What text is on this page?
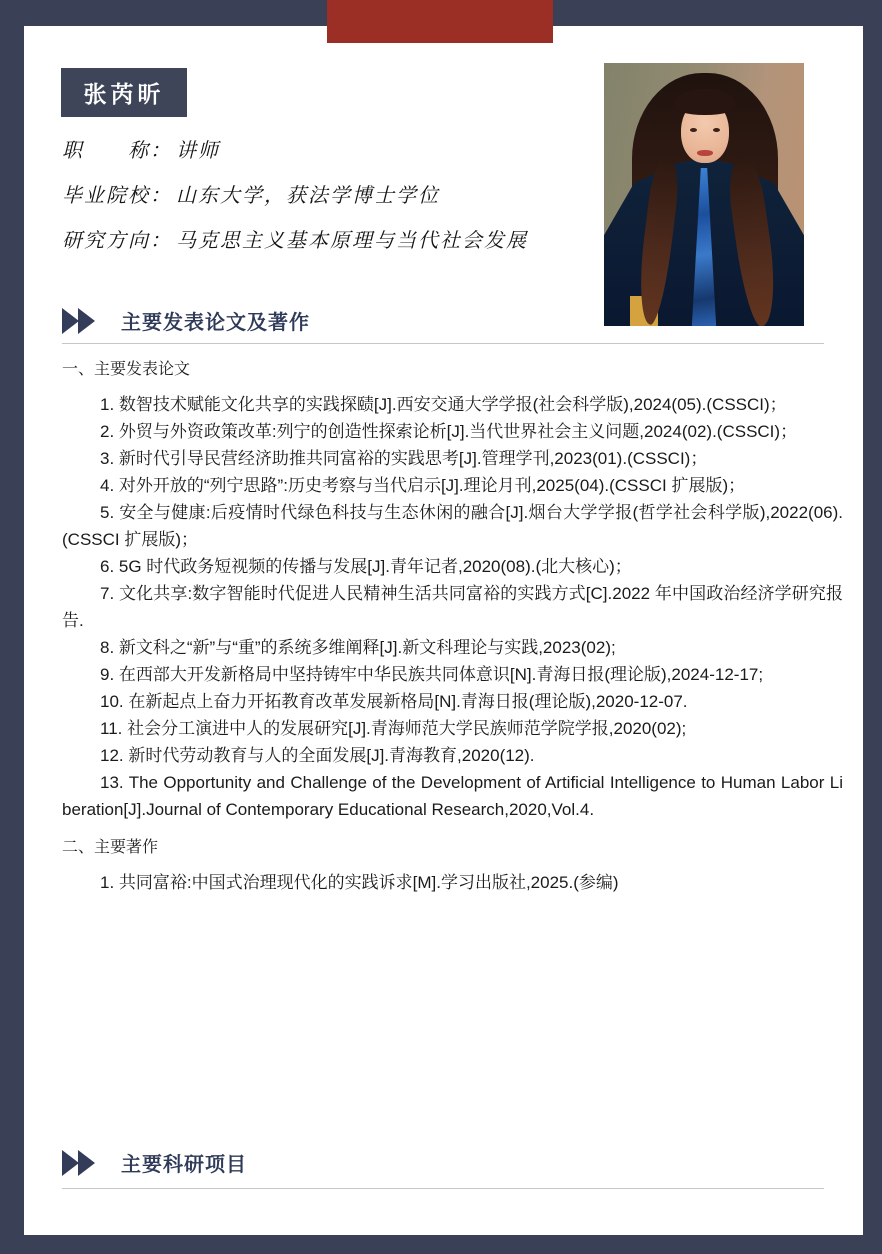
张芮昕
职　　称： 讲师
毕业院校： 山东大学，获法学博士学位
研究方向： 马克思主义基本原理与当代社会发展
主要发表论文及著作

一、主要发表论文

1. 数智技术赋能文化共享的实践探赜[J].西安交通大学学报(社会科学版),2024(05).(CSSCI)；

2. 外贸与外资政策改革:列宁的创造性探索论析[J].当代世界社会主义问题,2024(02).(CSSCI)；

3. 新时代引导民营经济助推共同富裕的实践思考[J].管理学刊,2023(01).(CSSCI)；

4. 对外开放的“列宁思路”:历史考察与当代启示[J].理论月刊,2025(04).(CSSCI 扩展版)；

5. 安全与健康:后疫情时代绿色科技与生态休闲的融合[J].烟台大学学报(哲学社会科学版),2022(06).(CSSCI 扩展版)；

6. 5G 时代政务短视频的传播与发展[J].青年记者,2020(08).(北大核心)；

7. 文化共享:数字智能时代促进人民精神生活共同富裕的实践方式[C].2022 年中国政治经济学研究报告.

8. 新文科之“新”与“重”的系统多维阐释[J].新文科理论与实践,2023(02);

9. 在西部大开发新格局中坚持铸牢中华民族共同体意识[N].青海日报(理论版),2024-12-17;

10. 在新起点上奋力开拓教育改革发展新格局[N].青海日报(理论版),2020-12-07.

11. 社会分工演进中人的发展研究[J].青海师范大学民族师范学院学报,2020(02);

12. 新时代劳动教育与人的全面发展[J].青海教育,2020(12).

13. The Opportunity and Challenge of the Development of Artificial Intelligence to Human Labor Liberation[J].Journal of Contemporary Educational Research,2020,Vol.4.

二、主要著作

1. 共同富裕:中国式治理现代化的实践诉求[M].学习出版社,2025.(参编)

主要科研项目
